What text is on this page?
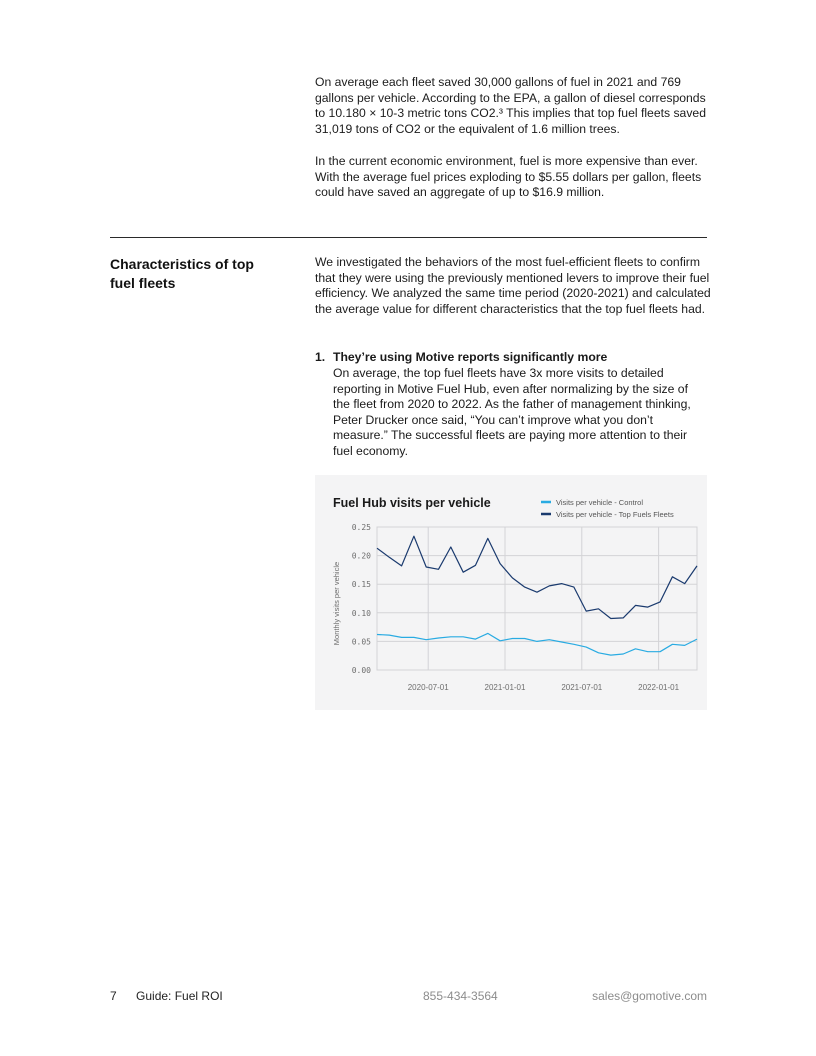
On average each fleet saved 30,000 gallons of fuel in 2021 and 769 gallons per vehicle. According to the EPA, a gallon of diesel corresponds to 10.180 × 10-3 metric tons CO2.³ This implies that top fuel fleets saved 31,019 tons of CO2 or the equivalent of 1.6 million trees.

In the current economic environment, fuel is more expensive than ever. With the average fuel prices exploding to $5.55 dollars per gallon, fleets could have saved an aggregate of up to $16.9 million.

Characteristics of top fuel fleets

We investigated the behaviors of the most fuel-efficient fleets to confirm that they were using the previously mentioned levers to improve their fuel efficiency. We analyzed the same time period (2020-2021) and calculated the average value for different characteristics that the top fuel fleets had.

1. They’re using Motive reports significantly more

On average, the top fuel fleets have 3x more visits to detailed reporting in Motive Fuel Hub, even after normalizing by the size of the fleet from 2020 to 2022. As the father of management thinking, Peter Drucker once said, “You can’t improve what you don’t measure.” The successful fleets are paying more attention to their fuel economy.

Fuel Hub visits per vehicle
0.00
0.05
0.10
0.15
0.20
0.25
2020-07-01	2021-01-01	2021-07-01	2022-01-01
Monthly visits per vehicle
Visits per vehicle - Control
Visits per vehicle - Top Fuels Fleets
7 Guide: Fuel ROI	855-434-3564	sales@gomotive.com
